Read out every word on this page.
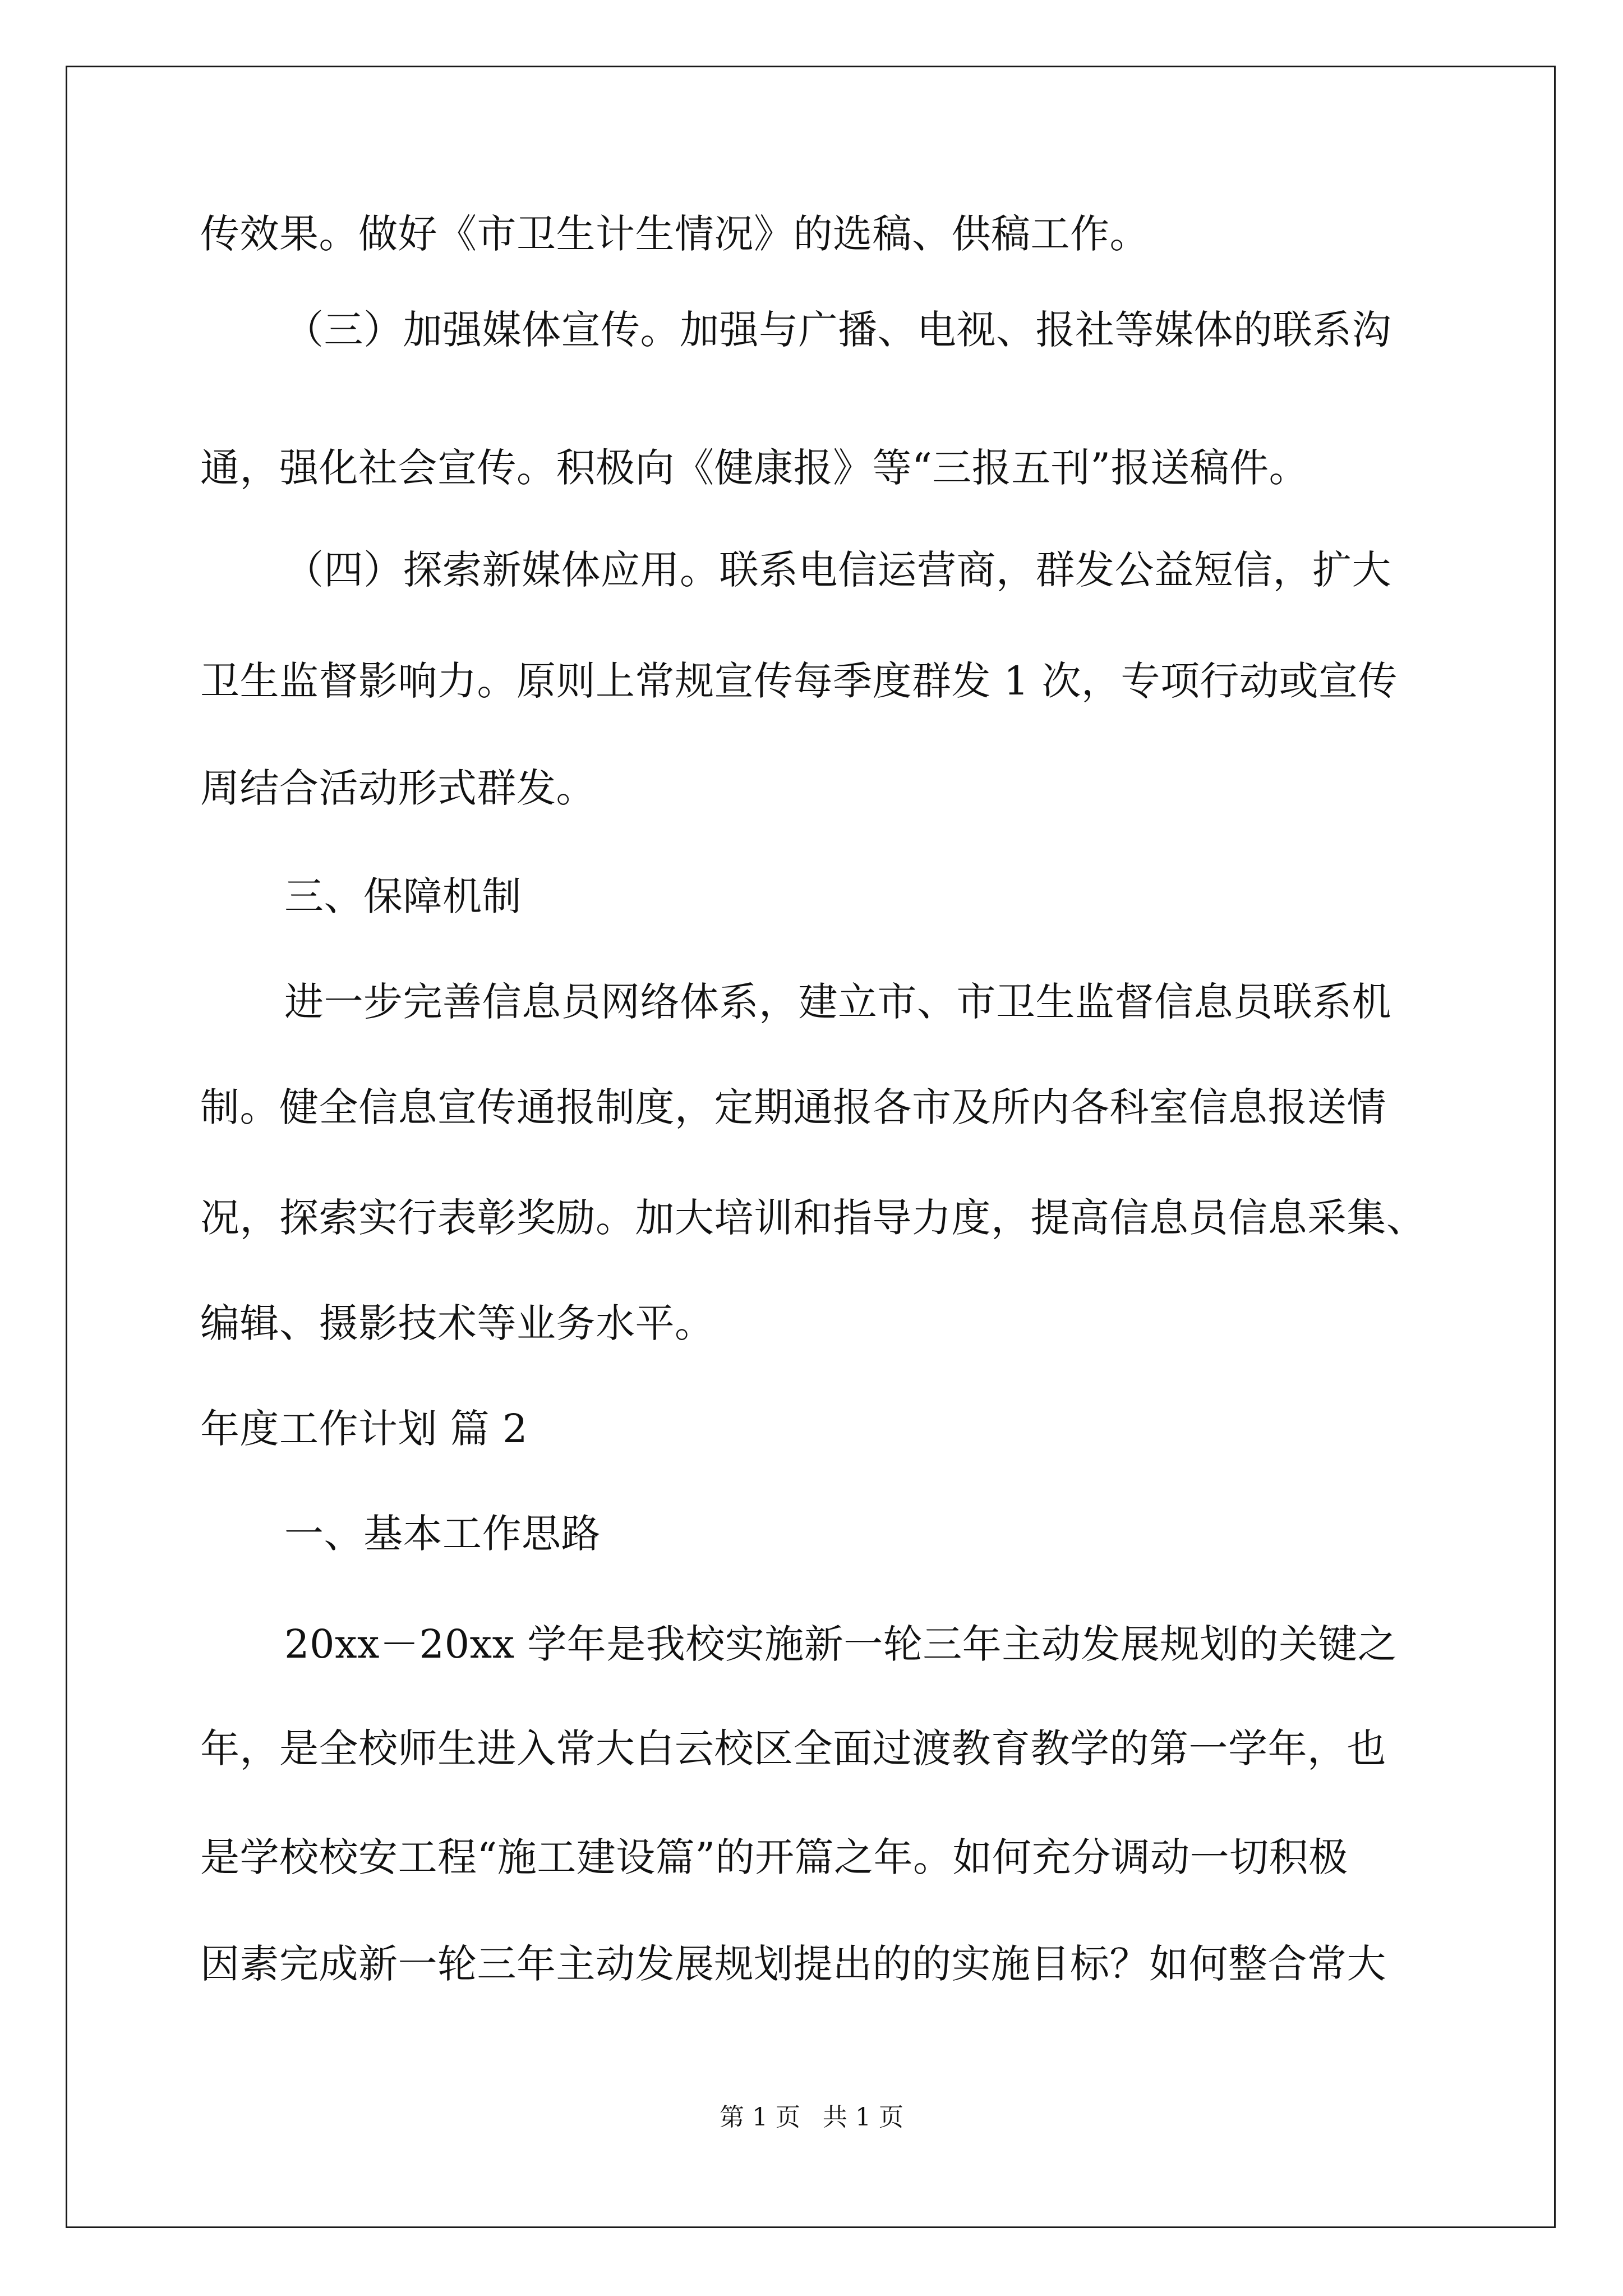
传效果。做好《市卫生计生情况》的选稿、供稿工作。
（三）加强媒体宣传。加强与广播、电视、报社等媒体的联系沟
通，强化社会宣传。积极向《健康报》等“三报五刊”报送稿件。
（四）探索新媒体应用。联系电信运营商，群发公益短信，扩大
卫生监督影响力。原则上常规宣传每季度群发 1 次，专项行动或宣传
周结合活动形式群发。
三、保障机制
进一步完善信息员网络体系，建立市、市卫生监督信息员联系机
制。健全信息宣传通报制度，定期通报各市及所内各科室信息报送情
况，探索实行表彰奖励。加大培训和指导力度，提高信息员信息采集、
编辑、摄影技术等业务水平。
年度工作计划 篇 2
一、基本工作思路
20xx－20xx 学年是我校实施新一轮三年主动发展规划的关键之
年，是全校师生进入常大白云校区全面过渡教育教学的第一学年，也
是学校校安工程“施工建设篇”的开篇之年。如何充分调动一切积极
因素完成新一轮三年主动发展规划提出的的实施目标？如何整合常大
第 1 页 共 1 页
